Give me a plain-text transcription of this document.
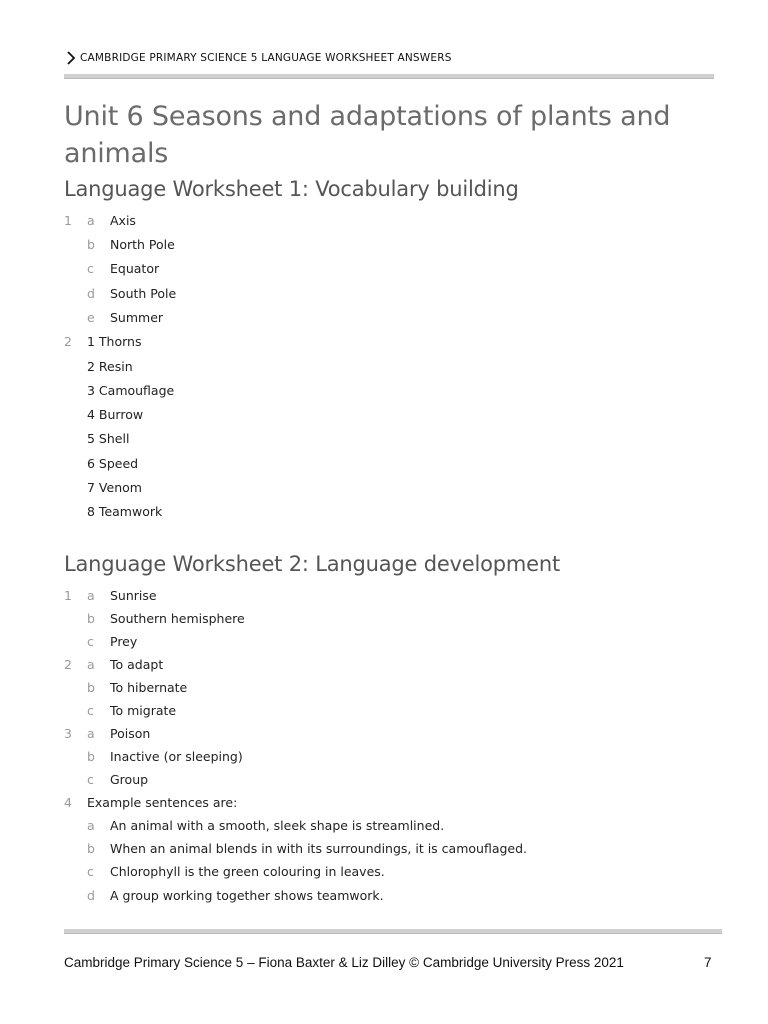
CAMBRIDGE PRIMARY SCIENCE 5 LANGUAGE WORKSHEET ANSWERS
Unit 6 Seasons and adaptations of plants and animals
Language Worksheet 1: Vocabulary building
1 a Axis
b North Pole
c Equator
d South Pole
e Summer
2 1 Thorns
2 Resin
3 Camouflage
4 Burrow
5 Shell
6 Speed
7 Venom
8 Teamwork
Language Worksheet 2: Language development
1 a Sunrise
b Southern hemisphere
c Prey
2 a To adapt
b To hibernate
c To migrate
3 a Poison
b Inactive (or sleeping)
c Group
4 Example sentences are:
a An animal with a smooth, sleek shape is streamlined.
b When an animal blends in with its surroundings, it is camouflaged.
c Chlorophyll is the green colouring in leaves.
d A group working together shows teamwork.
Cambridge Primary Science 5 – Fiona Baxter & Liz Dilley © Cambridge University Press 2021	7
